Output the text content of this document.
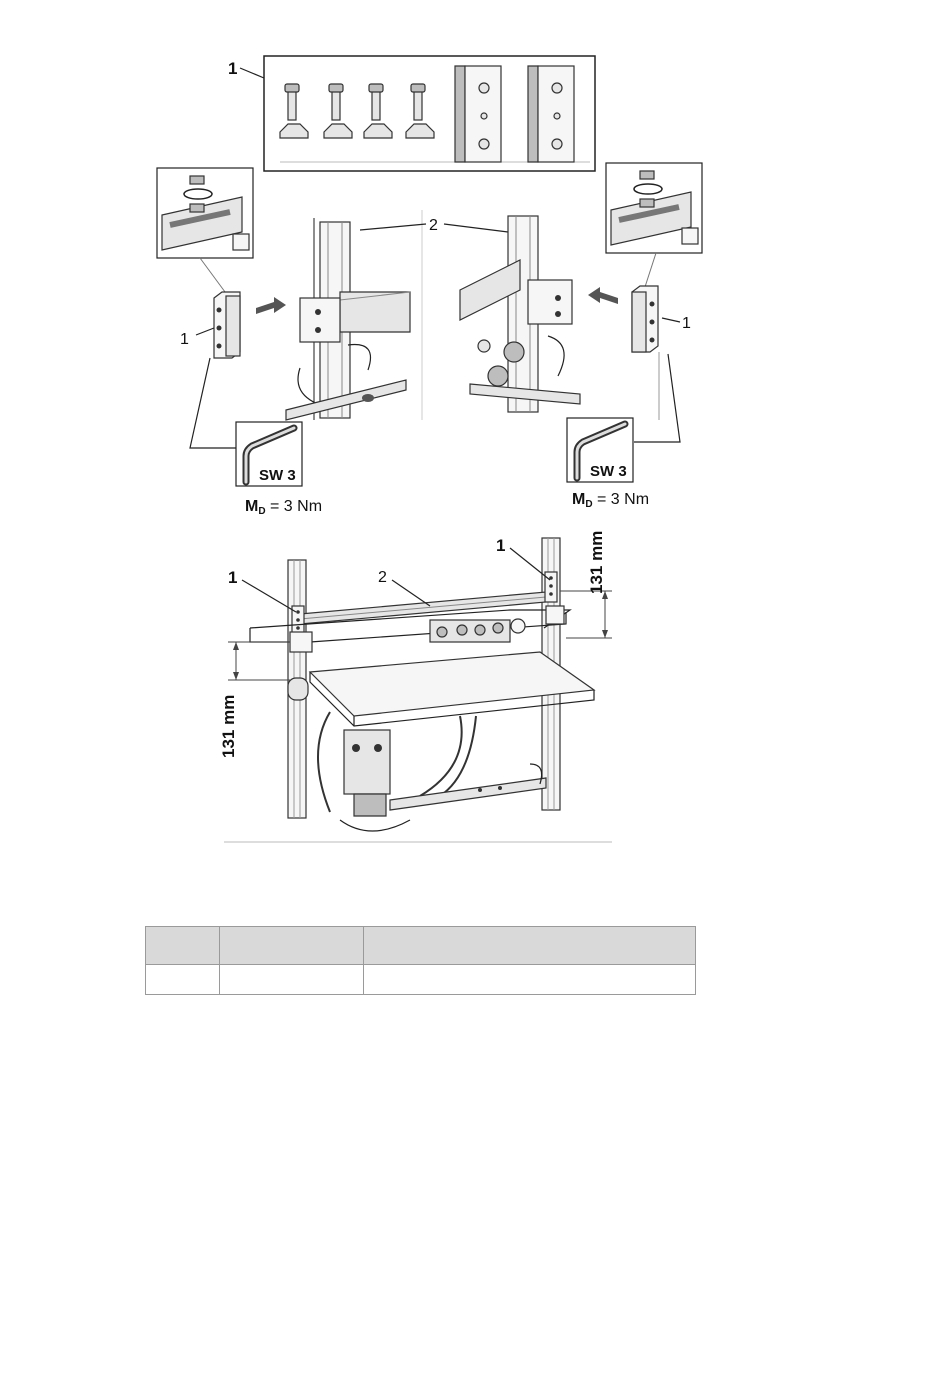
1
1
2
1
SW 3
MD = 3 Nm
SW 3
MD = 3 Nm
1
1
2	131 mm
131 mm
